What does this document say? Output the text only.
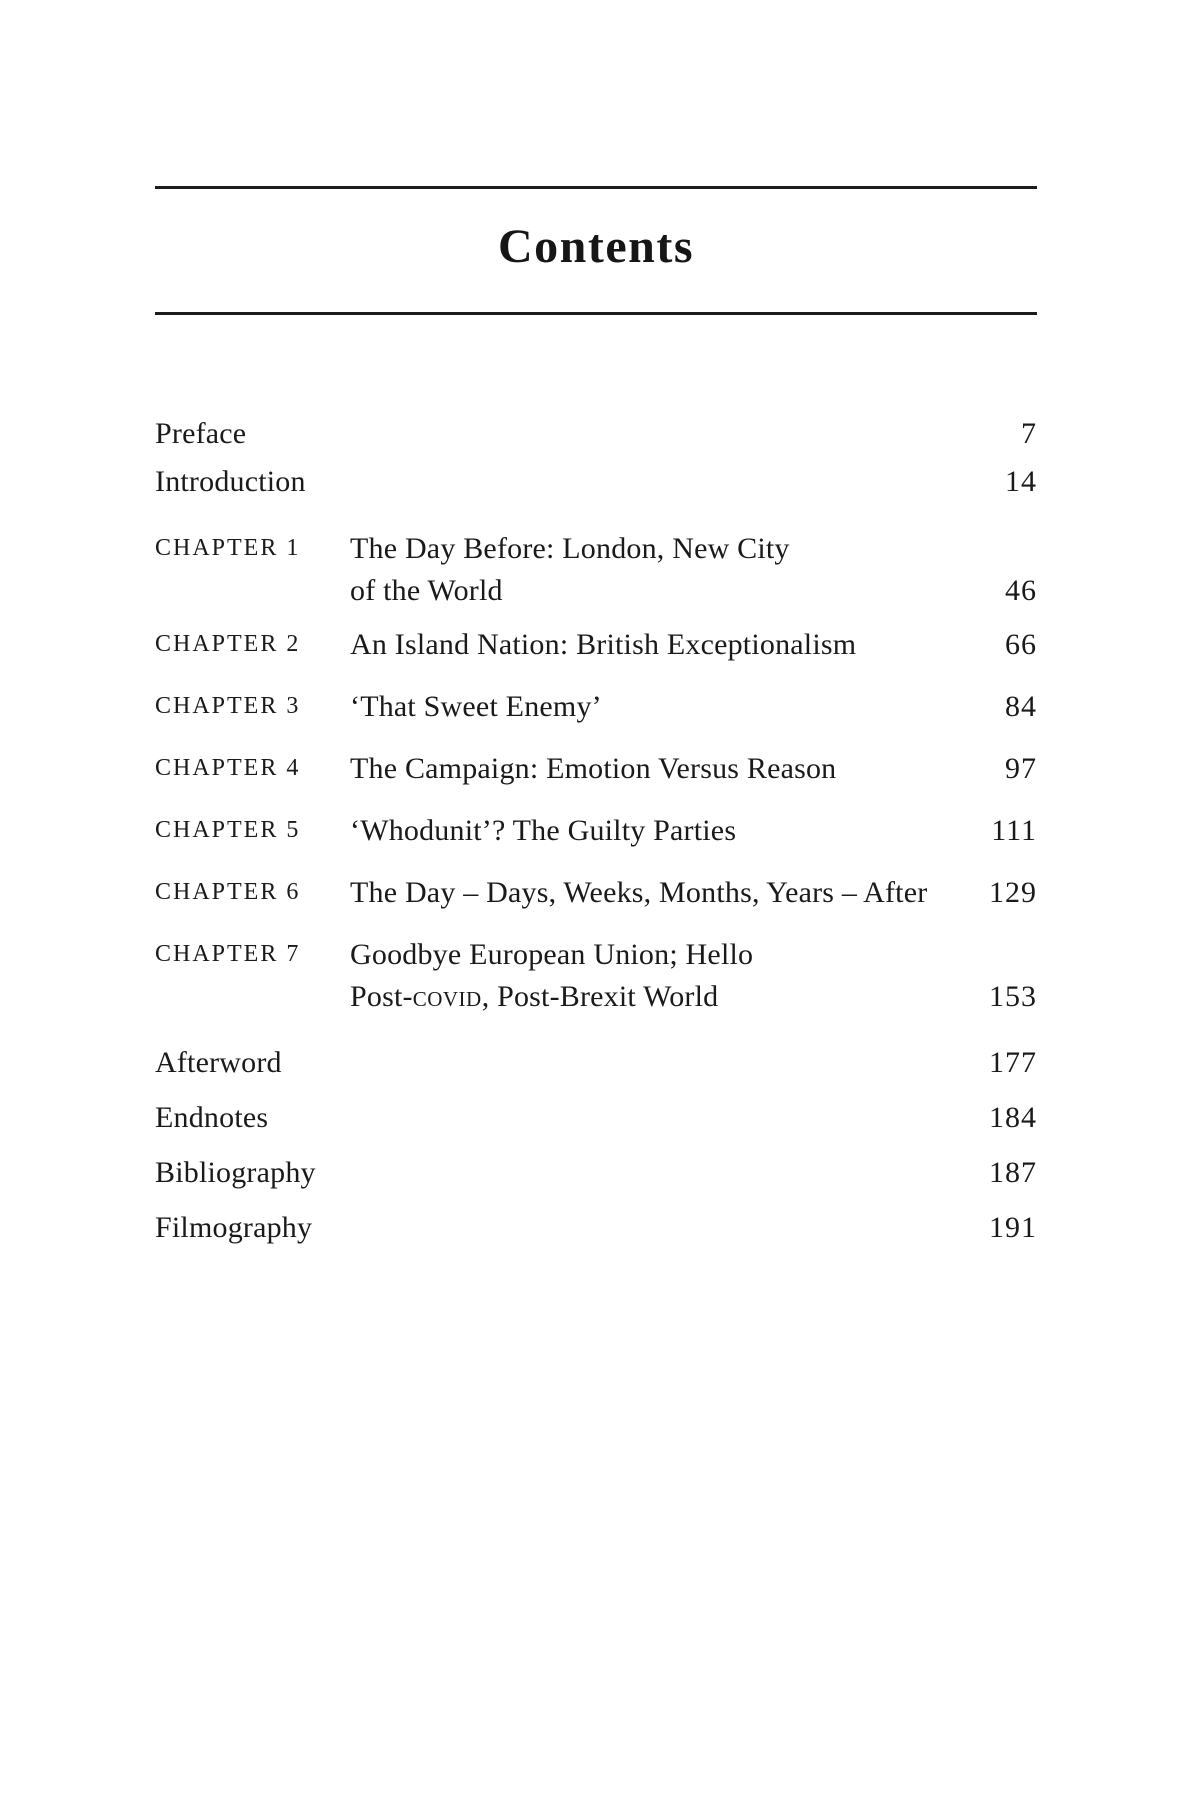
Contents
Preface	7
Introduction	14
CHAPTER 1	The Day Before: London, New City
of the World	46
CHAPTER 2	An Island Nation: British Exceptionalism	66
CHAPTER 3	‘That Sweet Enemy’	84
CHAPTER 4	The Campaign: Emotion Versus Reason	97
CHAPTER 5	‘Whodunit’? The Guilty Parties	111
CHAPTER 6	The Day – Days, Weeks, Months, Years – After	129
CHAPTER 7	Goodbye European Union; Hello
Post-covid, Post-Brexit World	153
Afterword	177
Endnotes	184
Bibliography	187
Filmography	191
